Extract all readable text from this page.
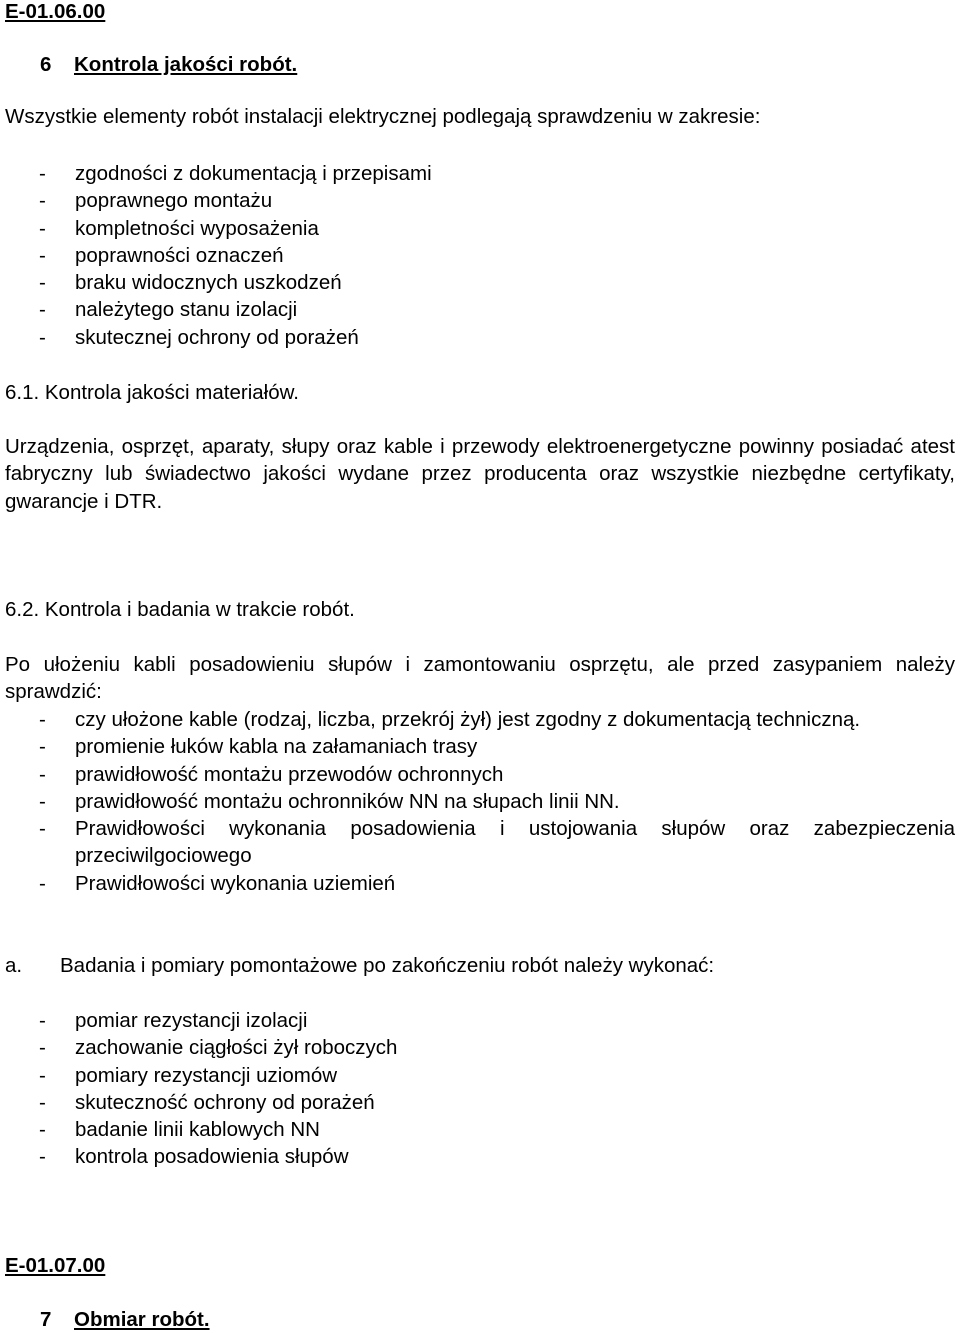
E-01.06.00
6 Kontrola jakości robót.
Wszystkie elementy robót instalacji elektrycznej podlegają sprawdzeniu w zakresie:
- zgodności z dokumentacją i przepisami
- poprawnego montażu
- kompletności wyposażenia
- poprawności oznaczeń
- braku widocznych uszkodzeń
- należytego stanu izolacji
- skutecznej ochrony od porażeń
6.1. Kontrola jakości materiałów.

Urządzenia, osprzęt, aparaty, słupy oraz kable i przewody elektroenergetyczne powinny posiadać atest fabryczny lub świadectwo jakości wydane przez producenta oraz wszystkie niezbędne certyfikaty, gwarancje i DTR.

6.2. Kontrola i badania w trakcie robót.

Po ułożeniu kabli posadowieniu słupów i zamontowaniu osprzętu, ale przed zasypaniem należy sprawdzić:

- czy ułożone kable (rodzaj, liczba, przekrój żył) jest zgodny z dokumentacją techniczną.
- promienie łuków kabla na załamaniach trasy
- prawidłowość montażu przewodów ochronnych
- prawidłowość montażu ochronników NN na słupach linii NN.
- Prawidłowości wykonania posadowienia i ustojowania słupów oraz zabezpieczenia przeciwilgociowego
- Prawidłowości wykonania uziemień
a. Badania i pomiary pomontażowe po zakończeniu robót należy wykonać:
- pomiar rezystancji izolacji
- zachowanie ciągłości żył roboczych
- pomiary rezystancji uziomów
- skuteczność ochrony od porażeń
- badanie linii kablowych NN
- kontrola posadowienia słupów
E-01.07.00
7 Obmiar robót.
